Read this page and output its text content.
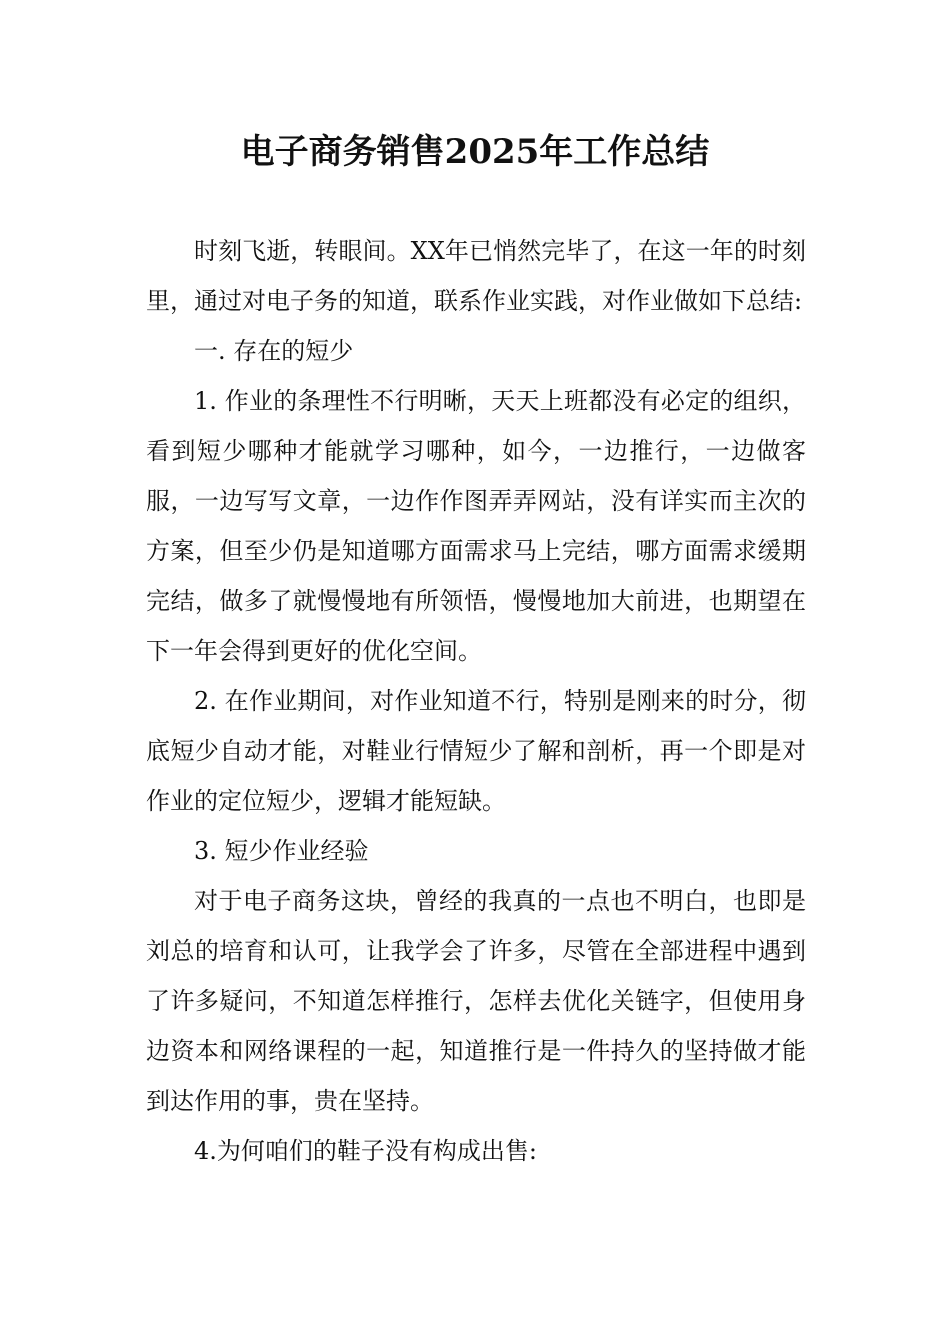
电子商务销售2025年工作总结

时刻飞逝，转眼间。XX年已悄然完毕了，在这一年的时刻里，通过对电子务的知道，联系作业实践，对作业做如下总结:

一. 存在的短少

1. 作业的条理性不行明晰，天天上班都没有必定的组织，看到短少哪种才能就学习哪种，如今，一边推行，一边做客服，一边写写文章，一边作作图弄弄网站，没有详实而主次的方案，但至少仍是知道哪方面需求马上完结，哪方面需求缓期完结，做多了就慢慢地有所领悟，慢慢地加大前进，也期望在下一年会得到更好的优化空间。

2. 在作业期间，对作业知道不行，特别是刚来的时分，彻底短少自动才能，对鞋业行情短少了解和剖析，再一个即是对作业的定位短少，逻辑才能短缺。

3. 短少作业经验

对于电子商务这块，曾经的我真的一点也不明白，也即是刘总的培育和认可，让我学会了许多，尽管在全部进程中遇到了许多疑问，不知道怎样推行，怎样去优化关链字，但使用身边资本和网络课程的一起，知道推行是一件持久的坚持做才能到达作用的事，贵在坚持。

4.为何咱们的鞋子没有构成出售:
